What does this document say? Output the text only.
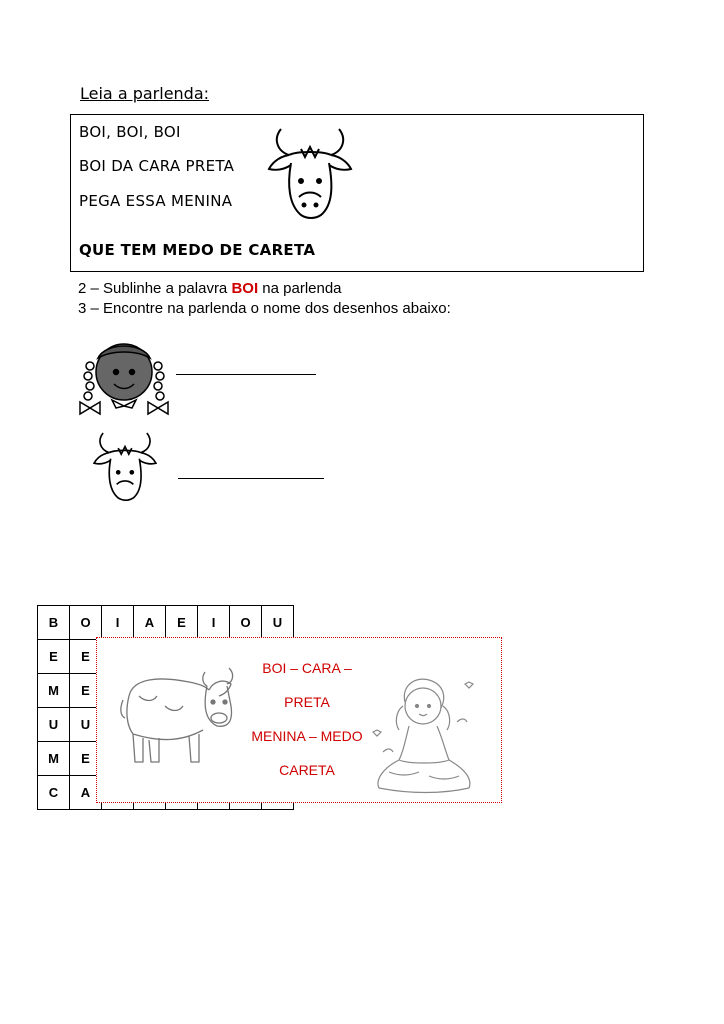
Leia a parlenda:
BOI, BOI, BOI
BOI DA CARA PRETA
PEGA ESSA MENINA
QUE TEM MEDO DE CARETA
2 – Sublinhe a palavra BOI na parlenda
3 – Encontre na parlenda o nome dos desenhos abaixo:
B	O	I	A	E	I	O	U
E	E						
M	E						
U	U						
M	E						
C	A						
BOI – CARA –
PRETA
MENINA – MEDO
CARETA
